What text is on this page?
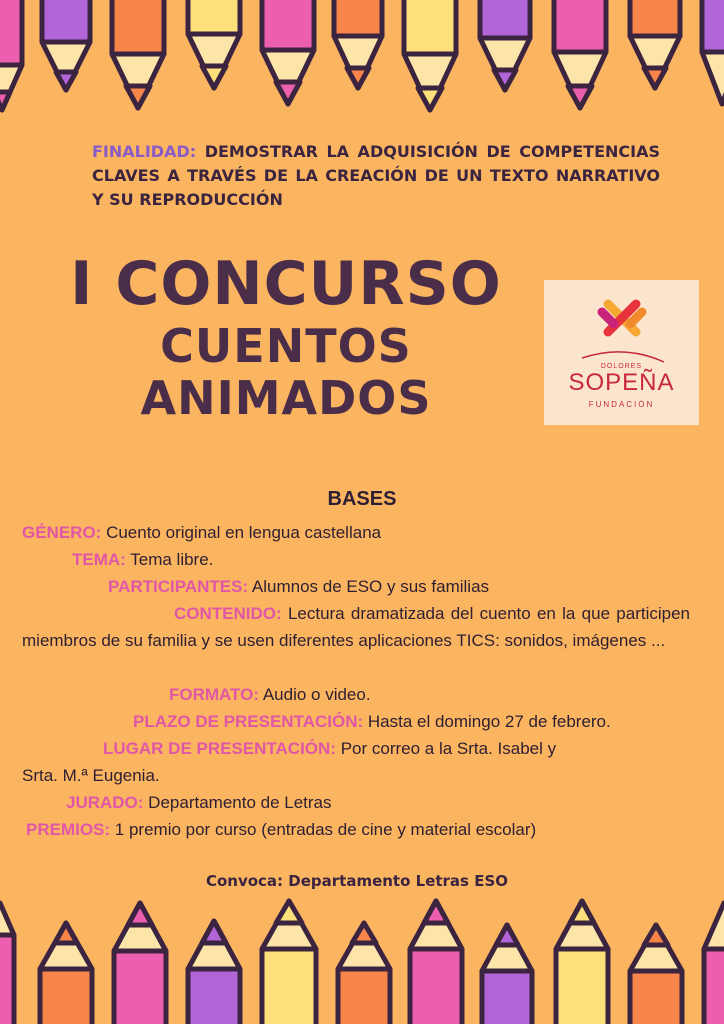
FINALIDAD: DEMOSTRAR LA ADQUISICIÓN DE COMPETENCIAS CLAVES A TRAVÉS DE LA CREACIÓN DE UN TEXTO NARRATIVO Y SU REPRODUCCIÓN
I CONCURSO
CUENTOS
ANIMADOS
DOLORES
SOPEÑA
FUNDACIÓN
BASES
GÉNERO: Cuento original en lengua castellana
TEMA: Tema libre.
PARTICIPANTES: Alumnos de ESO y sus familias
CONTENIDO: Lectura dramatizada del cuento en la que participen miembros de su familia y se usen diferentes aplicaciones TICS: sonidos, imágenes ...
FORMATO: Audio o video.
PLAZO DE PRESENTACIÓN: Hasta el domingo 27 de febrero.
LUGAR DE PRESENTACIÓN: Por correo a la Srta. Isabel y
Srta. M.ª Eugenia.
JURADO: Departamento de Letras
PREMIOS: 1 premio por curso (entradas de cine y material escolar)
Convoca: Departamento Letras ESO
